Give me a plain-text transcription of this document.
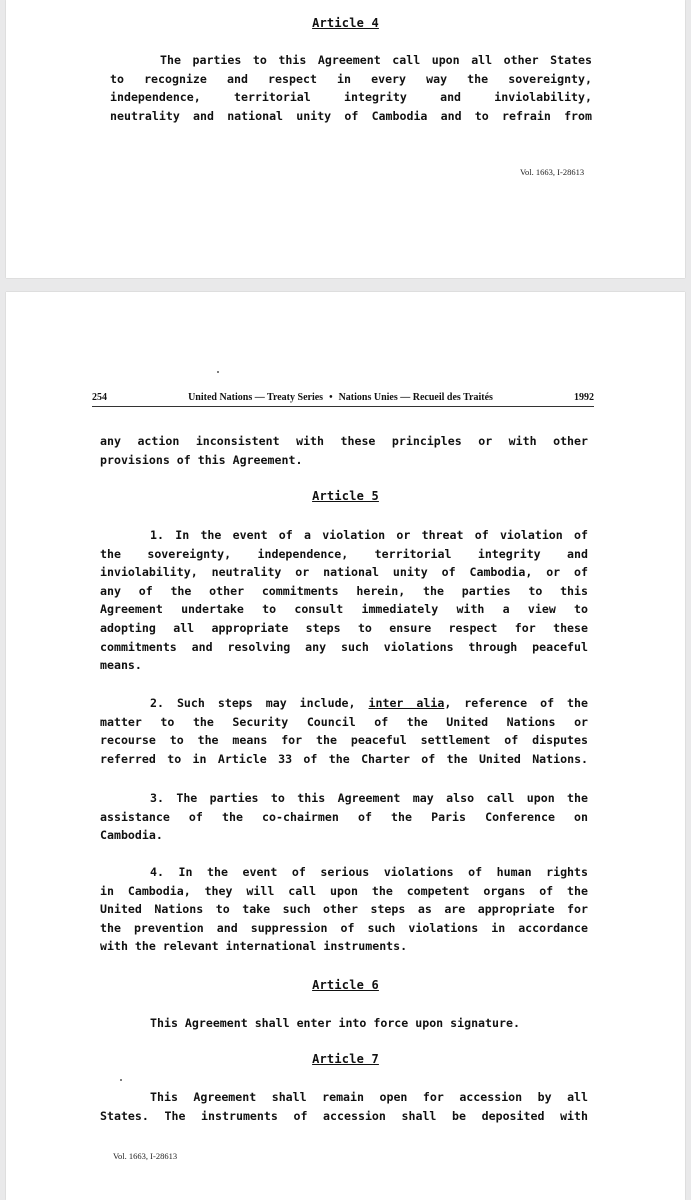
Article 4
The parties to this Agreement call upon all other States
to recognize and respect in every way the sovereignty,
independence, territorial integrity and inviolability,
neutrality and national unity of Cambodia and to refrain from
Vol. 1663, I-28613
254	United Nations — Treaty Series • Nations Unies — Recueil des Traités	1992
any action inconsistent with these principles or with other
provisions of this Agreement.
Article 5
1. In the event of a violation or threat of violation of
the sovereignty, independence, territorial integrity and
inviolability, neutrality or national unity of Cambodia, or of
any of the other commitments herein, the parties to this
Agreement undertake to consult immediately with a view to
adopting all appropriate steps to ensure respect for these
commitments and resolving any such violations through peaceful
means.
2. Such steps may include, inter alia, reference of the
matter to the Security Council of the United Nations or
recourse to the means for the peaceful settlement of disputes
referred to in Article 33 of the Charter of the United Nations.
3. The parties to this Agreement may also call upon the
assistance of the co-chairmen of the Paris Conference on
Cambodia.
4. In the event of serious violations of human rights
in Cambodia, they will call upon the competent organs of the
United Nations to take such other steps as are appropriate for
the prevention and suppression of such violations in accordance
with the relevant international instruments.
Article 6
This Agreement shall enter into force upon signature.
Article 7
This Agreement shall remain open for accession by all
States. The instruments of accession shall be deposited with
Vol. 1663, I-28613
